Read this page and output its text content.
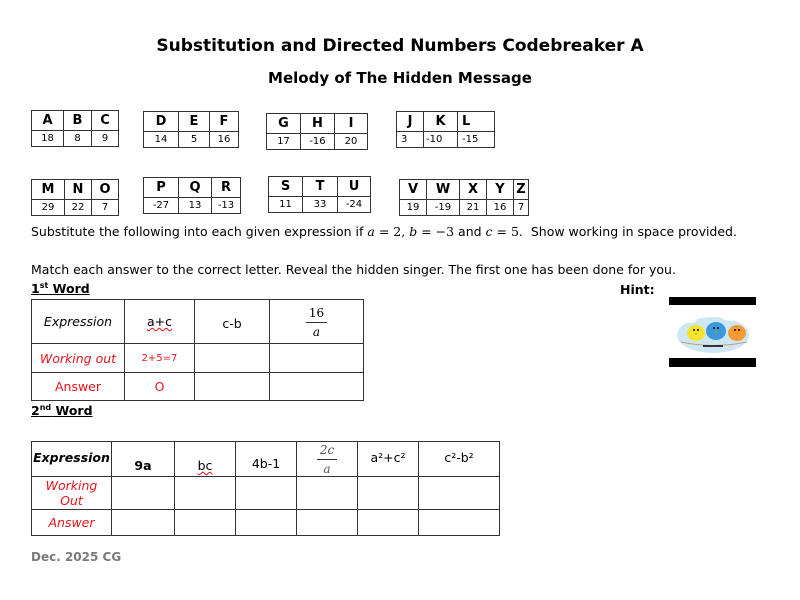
Substitution and Directed Numbers Codebreaker A
Melody of The Hidden Message
A	B	C
18	8	9
D	E	F
14	5	16
G	H	I
17	-16	20
J	K	L
3	-10	-15
M	N	O
29	22	7
P	Q	R
-27	13	-13
S	T	U
11	33	-24
V	W	X	Y	Z
19	-19	21	16	7
Substitute the following into each given expression if a = 2, b = −3 and c = 5.  Show working in space provided.
Match each answer to the correct letter. Reveal the hidden singer. The first one has been done for you.
1st Word	Hint:
Expression	a+c	c-b	$\frac{16}{a}$

Working out	2+5=7		
Answer	O		
2nd Word
Expression	9a	bc	4b-1	$\frac{2c}{a}$	a²+c²	c²-b²
Working
Out						
Answer						
Dec. 2025 CG
